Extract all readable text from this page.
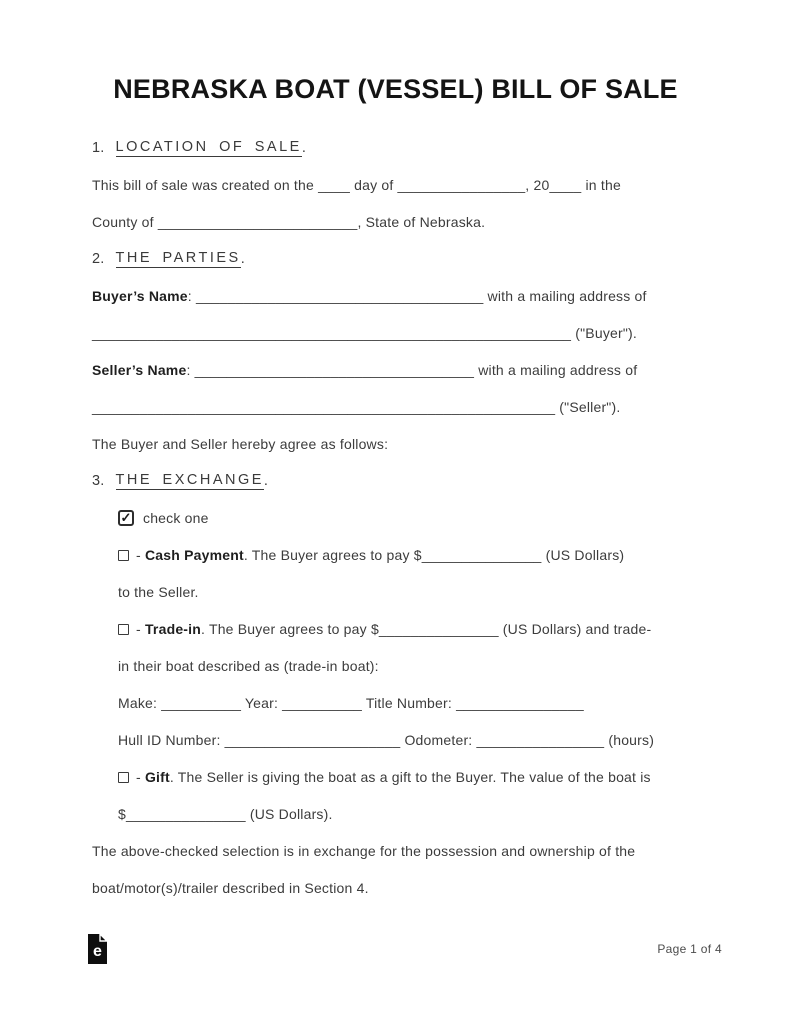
NEBRASKA BOAT (VESSEL) BILL OF SALE
1. LOCATION OF SALE .
This bill of sale was created on the ____ day of ________________, 20____ in the
County of _________________________, State of Nebraska.
2. THE PARTIES .
Buyer’s Name : ____________________________________ with a mailing address of
____________________________________________________________ ("Buyer").
Seller’s Name : ___________________________________ with a mailing address of
__________________________________________________________ ("Seller").
The Buyer and Seller hereby agree as follows:
3. THE EXCHANGE .
✓ check one
- Cash Payment . The Buyer agrees to pay $_______________ (US Dollars)
to the Seller.
- Trade-in . The Buyer agrees to pay $_______________ (US Dollars) and trade-
in their boat described as (trade-in boat):
Make: __________ Year: __________ Title Number: ________________
Hull ID Number: ______________________ Odometer: ________________ (hours)
- Gift . The Seller is giving the boat as a gift to the Buyer. The value of the boat is
$_______________ (US Dollars).
The above-checked selection is in exchange for the possession and ownership of the
boat/motor(s)/trailer described in Section 4.
e	Page 1 of 4
